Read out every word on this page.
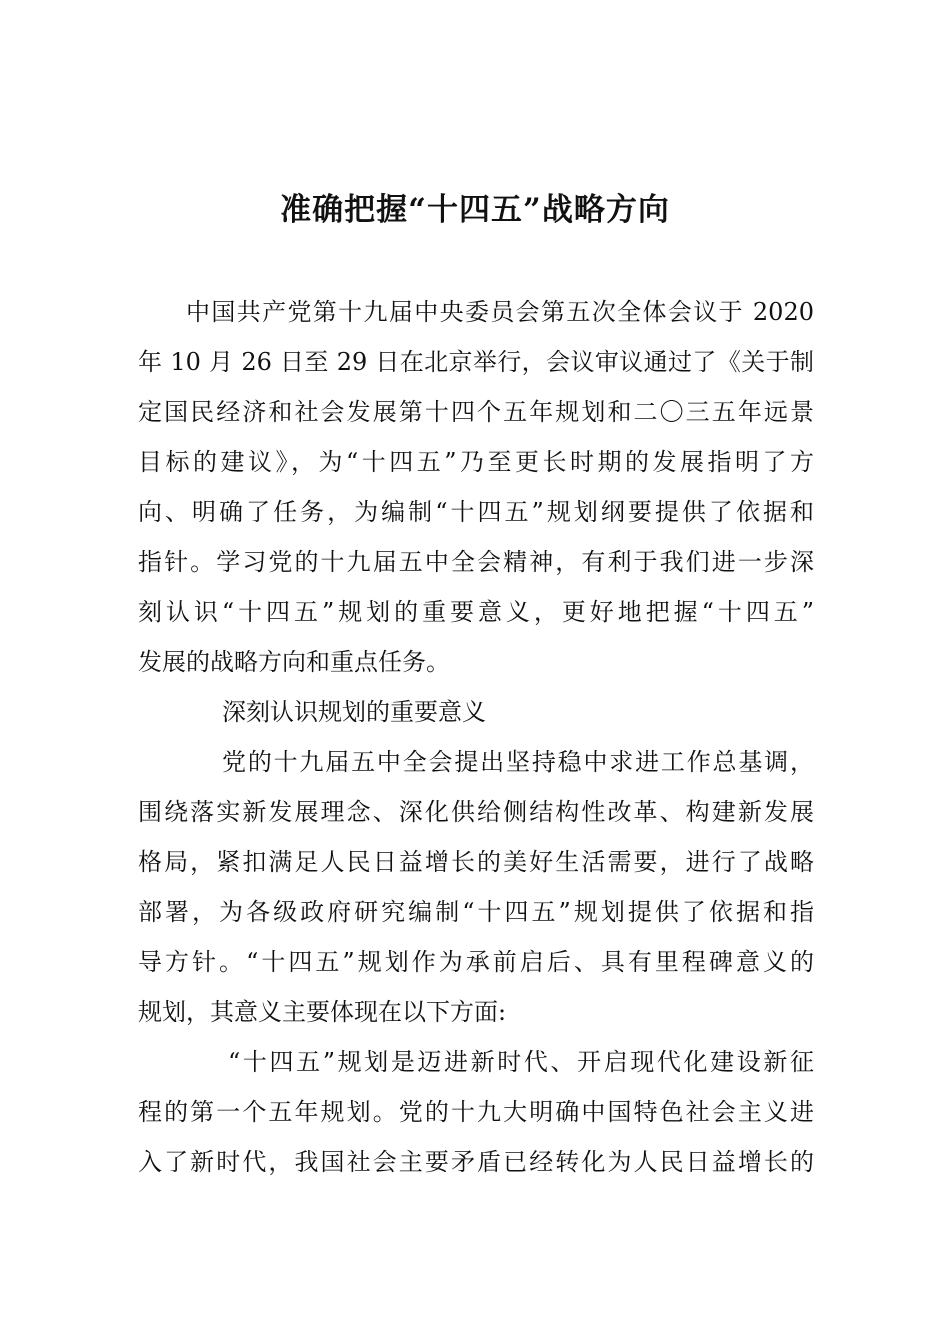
准确把握“十四五”战略方向

中国共产党第十九届中央委员会第五次全体会议于 2020

年 10 月 26 日至 29 日在北京举行，会议审议通过了《关于制

定国民经济和社会发展第十四个五年规划和二〇三五年远景

目标的建议》，为“十四五”乃至更长时期的发展指明了方

向、明确了任务，为编制“十四五”规划纲要提供了依据和

指针。学习党的十九届五中全会精神，有利于我们进一步深

刻认识“十四五”规划的重要意义，更好地把握“十四五”

发展的战略方向和重点任务。

深刻认识规划的重要意义

党的十九届五中全会提出坚持稳中求进工作总基调，

围绕落实新发展理念、深化供给侧结构性改革、构建新发展

格局，紧扣满足人民日益增长的美好生活需要，进行了战略

部署，为各级政府研究编制“十四五”规划提供了依据和指

导方针。“十四五”规划作为承前启后、具有里程碑意义的

规划，其意义主要体现在以下方面:

“十四五”规划是迈进新时代、开启现代化建设新征

程的第一个五年规划。党的十九大明确中国特色社会主义进

入了新时代，我国社会主要矛盾已经转化为人民日益增长的
